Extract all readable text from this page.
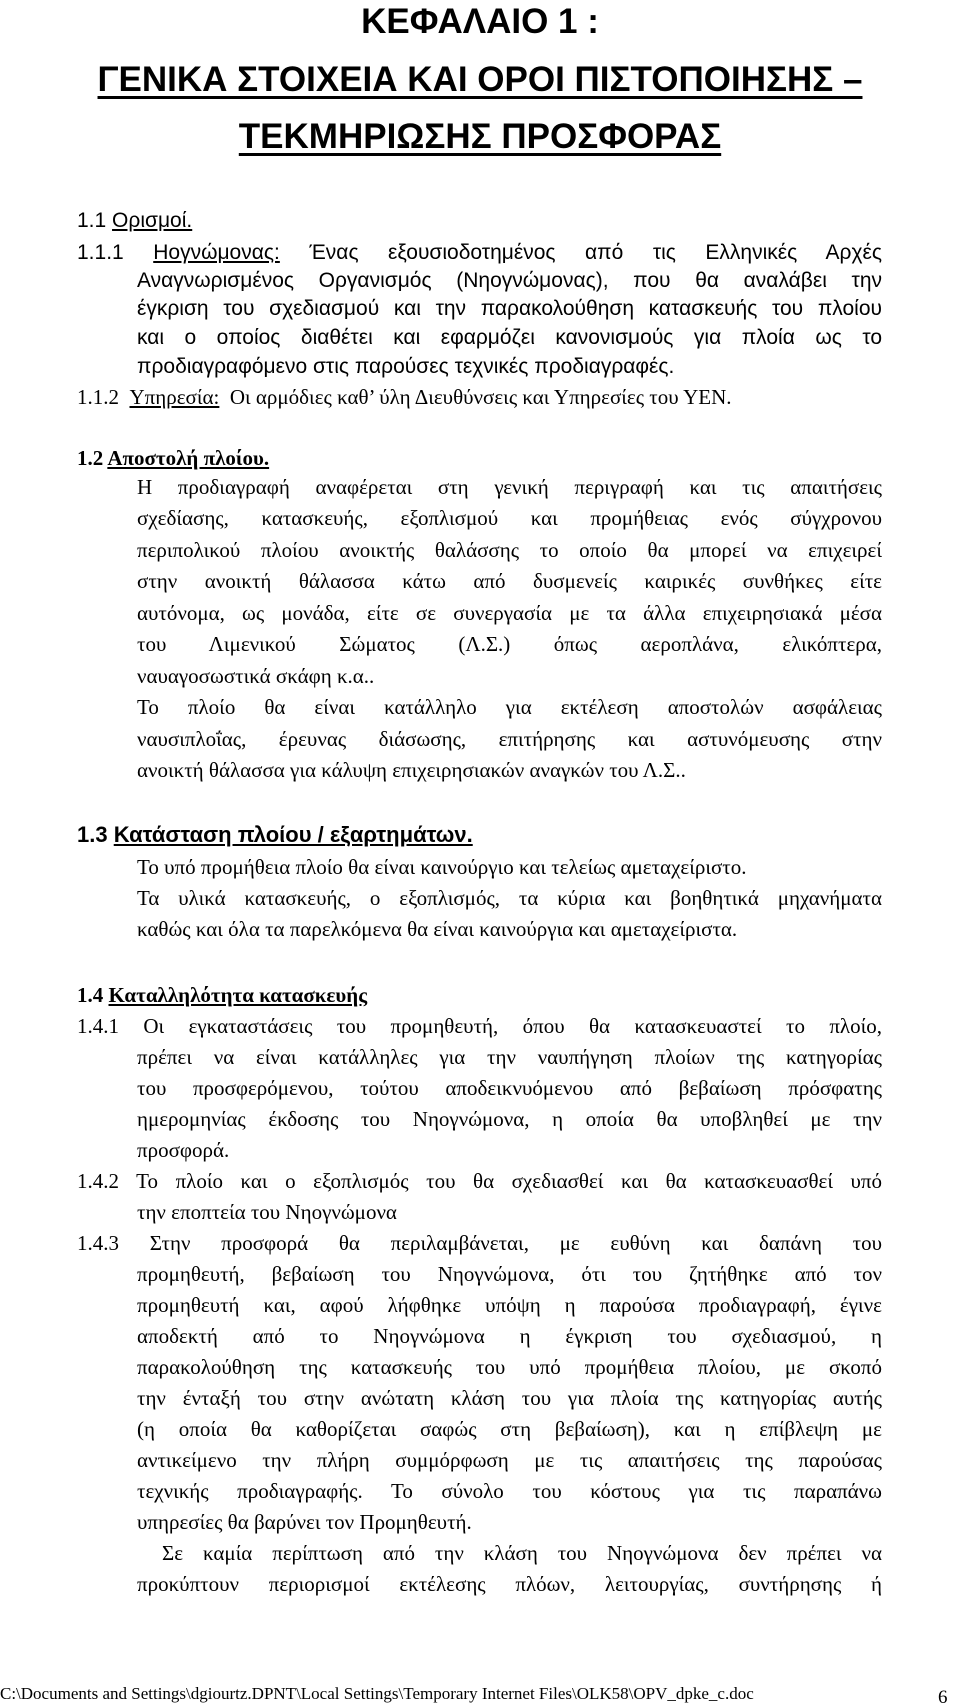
ΚΕΦΑΛΑΙΟ 1 :
ΓΕΝΙΚΑ ΣΤΟΙΧΕΙΑ ΚΑΙ ΟΡΟΙ ΠΙΣΤΟΠΟΙΗΣΗΣ –
ΤΕΚΜΗΡΙΩΣΗΣ ΠΡΟΣΦΟΡΑΣ
1.1 Ορισμοί.
1.1.1 Ηογνώμονας: Ένας εξουσιοδοτημένος από τις Ελληνικές Αρχές
Αναγνωρισμένος Οργανισμός (Νηογνώμονας), που θα αναλάβει την
έγκριση του σχεδιασμού και την παρακολούθηση κατασκευής του πλοίου
και ο οποίος διαθέτει και εφαρμόζει κανονισμούς για πλοία ως το
προδιαγραφόμενο στις παρούσες τεχνικές προδιαγραφές.
1.1.2 Υπηρεσία: Οι αρμόδιες καθ’ ύλη Διευθύνσεις και Υπηρεσίες του ΥΕΝ.
1.2 Αποστολή πλοίου.
Η προδιαγραφή αναφέρεται στη γενική περιγραφή και τις απαιτήσεις
σχεδίασης, κατασκευής, εξοπλισμού και προμήθειας ενός σύγχρονου
περιπολικού πλοίου ανοικτής θαλάσσης το οποίο θα μπορεί να επιχειρεί
στην ανοικτή θάλασσα κάτω από δυσμενείς καιρικές συνθήκες είτε
αυτόνομα, ως μονάδα, είτε σε συνεργασία με τα άλλα επιχειρησιακά μέσα
του Λιμενικού Σώματος (Λ.Σ.) όπως αεροπλάνα, ελικόπτερα,
ναυαγοσωστικά σκάφη κ.α..
Το πλοίο θα είναι κατάλληλο για εκτέλεση αποστολών ασφάλειας
ναυσιπλοΐας, έρευνας διάσωσης, επιτήρησης και αστυνόμευσης στην
ανοικτή θάλασσα για κάλυψη επιχειρησιακών αναγκών του Λ.Σ..
1.3 Κατάσταση πλοίου / εξαρτημάτων.
Το υπό προμήθεια πλοίο θα είναι καινούργιο και τελείως αμεταχείριστο.
Τα υλικά κατασκευής, ο εξοπλισμός, τα κύρια και βοηθητικά μηχανήματα
καθώς και όλα τα παρελκόμενα θα είναι καινούργια και αμεταχείριστα.
1.4 Καταλληλότητα κατασκευής
1.4.1 Οι εγκαταστάσεις του προμηθευτή, όπου θα κατασκευαστεί το πλοίο,
πρέπει να είναι κατάλληλες για την ναυπήγηση πλοίων της κατηγορίας
του προσφερόμενου, τούτου αποδεικνυόμενου από βεβαίωση πρόσφατης
ημερομηνίας έκδοσης του Νηογνώμονα, η οποία θα υποβληθεί με την
προσφορά.
1.4.2 Το πλοίο και ο εξοπλισμός του θα σχεδιασθεί και θα κατασκευασθεί υπό
την εποπτεία του Νηογνώμονα
1.4.3 Στην προσφορά θα περιλαμβάνεται, με ευθύνη και δαπάνη του
προμηθευτή, βεβαίωση του Νηογνώμονα, ότι του ζητήθηκε από τον
προμηθευτή και, αφού λήφθηκε υπόψη η παρούσα προδιαγραφή, έγινε
αποδεκτή από το Νηογνώμονα η έγκριση του σχεδιασμού, η
παρακολούθηση της κατασκευής του υπό προμήθεια πλοίου, με σκοπό
την ένταξή του στην ανώτατη κλάση του για πλοία της κατηγορίας αυτής
(η οποία θα καθορίζεται σαφώς στη βεβαίωση), και η επίβλεψη με
αντικείμενο την πλήρη συμμόρφωση με τις απαιτήσεις της παρούσας
τεχνικής προδιαγραφής. Το σύνολο του κόστους για τις παραπάνω
υπηρεσίες θα βαρύνει τον Προμηθευτή.
Σε καμία περίπτωση από την κλάση του Νηογνώμονα δεν πρέπει να
προκύπτουν περιορισμοί εκτέλεσης πλόων, λειτουργίας, συντήρησης ή
C:\Documents and Settings\dgiourtz.DPNT\Local Settings\Temporary Internet Files\OLK58\OPV_dpke_c.doc	6
